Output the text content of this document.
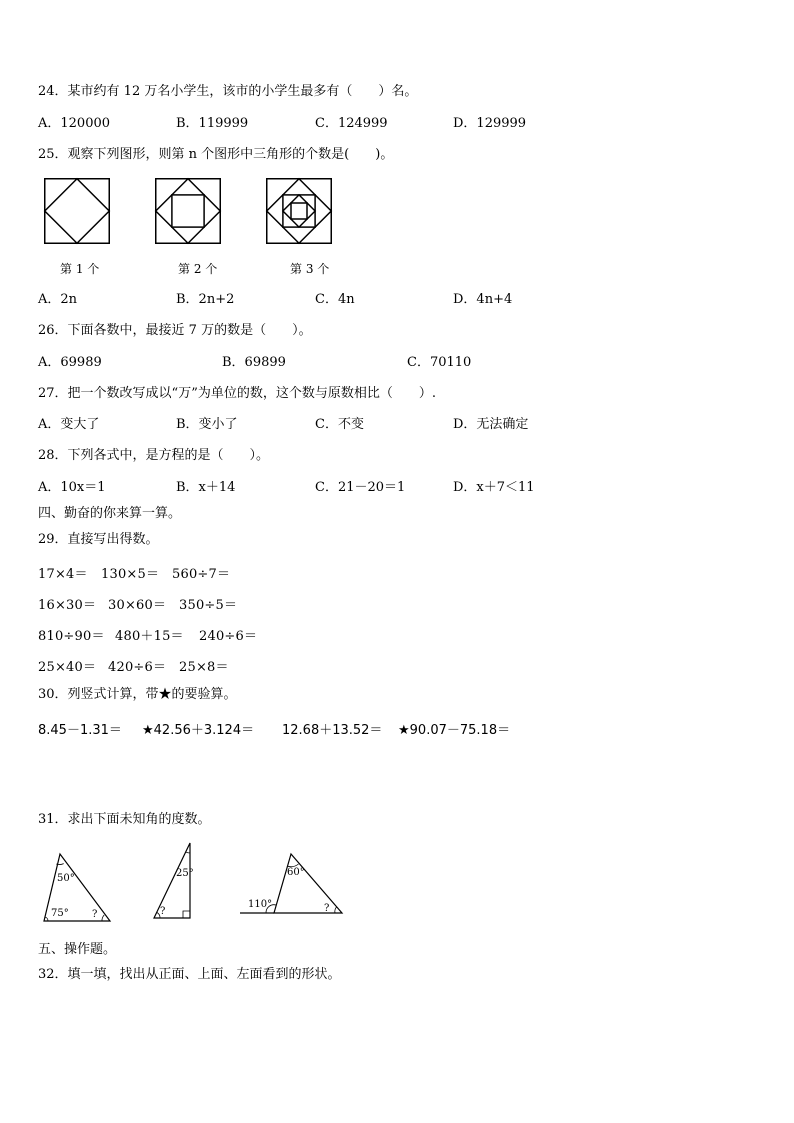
24．某市约有 12 万名小学生，该市的小学生最多有（　　）名。
A．120000	B．119999	C．124999	D．129999
25．观察下列图形，则第 n 个图形中三角形的个数是(　　)。
第 1 个	第 2 个	第 3 个
A．2n	B．2n+2	C．4n	D．4n+4
26．下面各数中，最接近 7 万的数是（　　）。
A．69989	B．69899	C．70110
27．把一个数改写成以“万”为单位的数，这个数与原数相比（　　）.
A．变大了	B．变小了	C．不变	D．无法确定
28．下列各式中，是方程的是（　　）。
A．10x＝1	B．x＋14	C．21－20＝1	D．x＋7＜11
四、勤奋的你来算一算。
29．直接写出得数。
17×4＝ 130×5＝ 560÷7＝
16×30＝ 30×60＝ 350÷5＝
810÷90＝ 480＋15＝ 240÷6＝
25×40＝ 420÷6＝ 25×8＝
30．列竖式计算，带★的要验算。
8.45－1.31＝ ★42.56＋3.124＝ 12.68＋13.52＝ ★90.07－75.18＝
31．求出下面未知角的度数。
50°
75° ?
25°
?
60°
110°	?
五、操作题。
32．填一填，找出从正面、上面、左面看到的形状。
